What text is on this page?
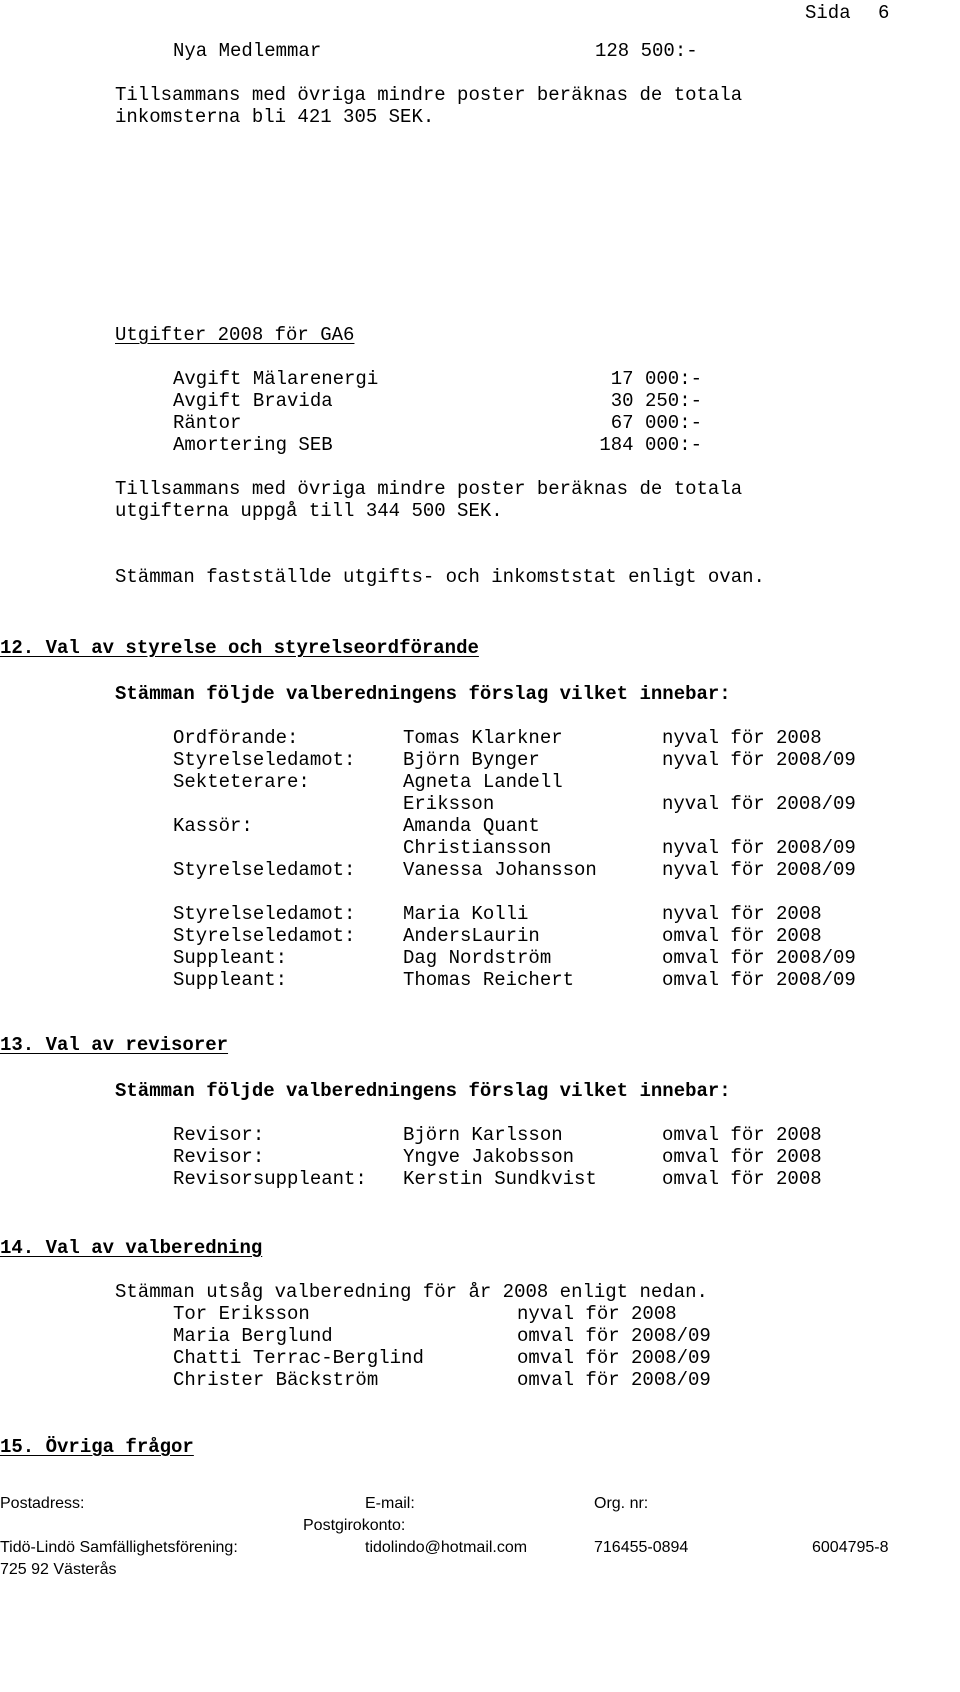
Sida 6
Nya Medlemmar	128 500:-
Tillsammans med övriga mindre poster beräknas de totala
inkomsterna bli 421 305 SEK.
Utgifter 2008 för GA6
Avgift Mälarenergi	17 000:-
Avgift Bravida	30 250:-
Räntor	67 000:-
Amortering SEB	184 000:-
Tillsammans med övriga mindre poster beräknas de totala
utgifterna uppgå till 344 500 SEK.
Stämman fastställde utgifts- och inkomststat enligt ovan.
12. Val av styrelse och styrelseordförande
Stämman följde valberedningens förslag vilket innebar:
Ordförande:	Tomas Klarkner	nyval för 2008
Styrelseledamot:	Björn Bynger	nyval för 2008/09
Sekteterare:	Agneta Landell
Eriksson	nyval för 2008/09
Kassör:	Amanda Quant
Christiansson	nyval för 2008/09
Styrelseledamot:	Vanessa Johansson	nyval för 2008/09
Styrelseledamot:	Maria Kolli	nyval för 2008
Styrelseledamot:	AndersLaurin	omval för 2008
Suppleant:	Dag Nordström	omval för 2008/09
Suppleant:	Thomas Reichert	omval för 2008/09
13. Val av revisorer
Stämman följde valberedningens förslag vilket innebar:
Revisor:	Björn Karlsson	omval för 2008
Revisor:	Yngve Jakobsson	omval för 2008
Revisorsuppleant: Kerstin Sundkvist	omval för 2008
14. Val av valberedning
Stämman utsåg valberedning för år 2008 enligt nedan.
Tor Eriksson	nyval för 2008
Maria Berglund	omval för 2008/09
Chatti Terrac-Berglind	omval för 2008/09
Christer Bäckström	omval för 2008/09
15. Övriga frågor
Postadress:	E-mail:	Org. nr:
Postgirokonto:
Tidö-Lindö Samfällighetsförening:	tidolindo@hotmail.com	716455-0894	6004795-8
725 92 Västerås
